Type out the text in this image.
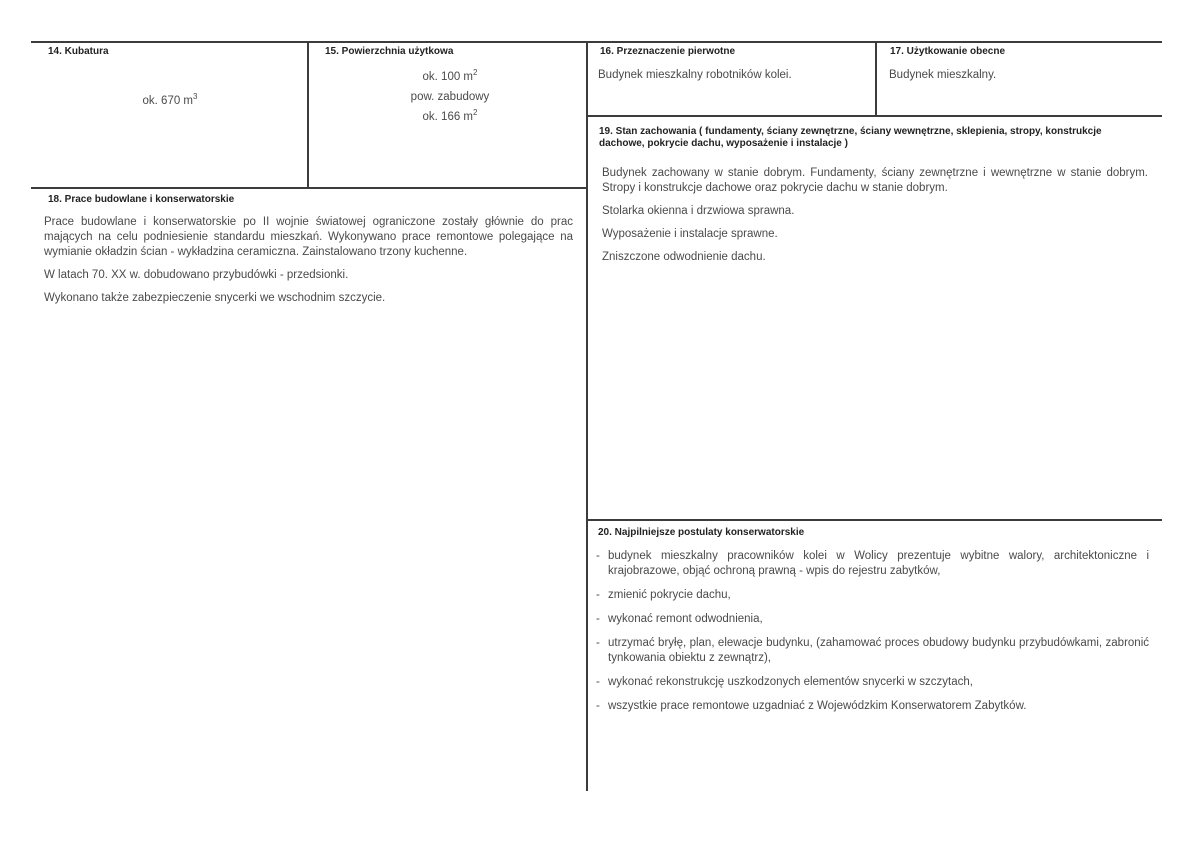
14. Kubatura
ok. 670 $m^3$
15. Powierzchnia użytkowa
ok. 100 $m^2$
pow. zabudowy
ok. 166 $m^2$
16. Przeznaczenie pierwotne
Budynek mieszkalny robotników kolei.
17. Użytkowanie obecne
Budynek mieszkalny.
19. Stan zachowania ( fundamenty, ściany zewnętrzne, ściany wewnętrzne, sklepienia, stropy, konstrukcje dachowe, pokrycie dachu, wyposażenie i instalacje )

Budynek zachowany w stanie dobrym. Fundamenty, ściany zewnętrzne i wewnętrzne w stanie dobrym. Stropy i konstrukcje dachowe oraz pokrycie dachu w stanie dobrym.

Stolarka okienna i drzwiowa sprawna.

Wyposażenie i instalacje sprawne.

Zniszczone odwodnienie dachu.

18. Prace budowlane i konserwatorskie

Prace budowlane i konserwatorskie po II wojnie światowej ograniczone zostały głównie do prac mających na celu podniesienie standardu mieszkań. Wykonywano prace remontowe polegające na wymianie okładzin ścian - wykładzina ceramiczna. Zainstalowano trzony kuchenne.

W latach 70. XX w. dobudowano przybudówki - przedsionki.

Wykonano także zabezpieczenie snycerki we wschodnim szczycie.

20. Najpilniejsze postulaty konserwatorskie
- budynek mieszkalny pracowników kolei w Wolicy prezentuje wybitne walory, architektoniczne i krajobrazowe, objąć ochroną prawną - wpis do rejestru zabytków,
- zmienić pokrycie dachu,
- wykonać remont odwodnienia,
- utrzymać bryłę, plan, elewacje budynku, (zahamować proces obudowy budynku przybudówkami, zabronić tynkowania obiektu z zewnątrz),
- wykonać rekonstrukcję uszkodzonych elementów snycerki w szczytach,
- wszystkie prace remontowe uzgadniać z Wojewódzkim Konserwatorem Zabytków.
